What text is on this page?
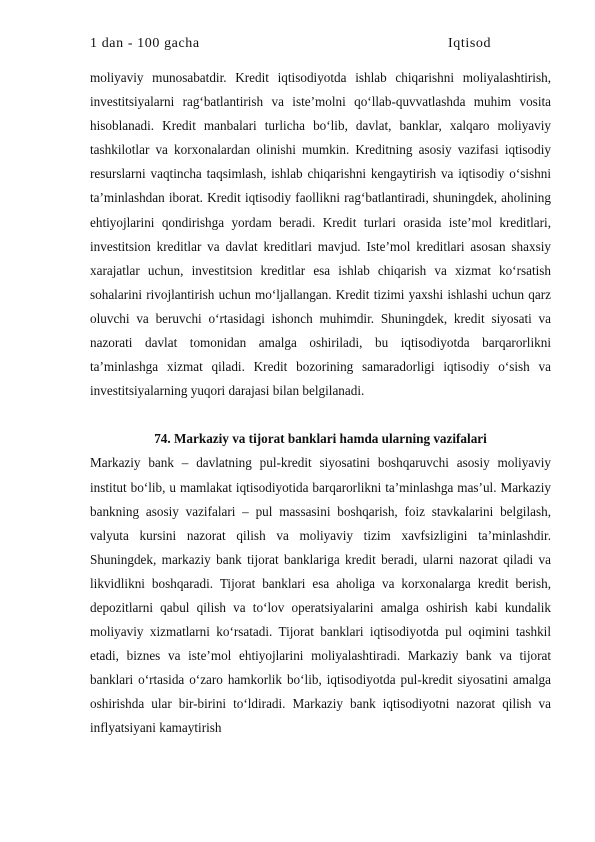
1 dan - 100 gacha	Iqtisod

moliyaviy munosabatdir. Kredit iqtisodiyotda ishlab chiqarishni moliyalashtirish, investitsiyalarni rag‘batlantirish va iste’molni qo‘llab-quvvatlashda muhim vosita hisoblanadi. Kredit manbalari turlicha bo‘lib, davlat, banklar, xalqaro moliyaviy tashkilotlar va korxonalardan olinishi mumkin. Kreditning asosiy vazifasi iqtisodiy resurslarni vaqtincha taqsimlash, ishlab chiqarishni kengaytirish va iqtisodiy o‘sishni ta’minlashdan iborat. Kredit iqtisodiy faollikni rag‘batlantiradi, shuningdek, aholining ehtiyojlarini qondirishga yordam beradi. Kredit turlari orasida iste’mol kreditlari, investitsion kreditlar va davlat kreditlari mavjud. Iste’mol kreditlari asosan shaxsiy xarajatlar uchun, investitsion kreditlar esa ishlab chiqarish va xizmat ko‘rsatish sohalarini rivojlantirish uchun mo‘ljallangan. Kredit tizimi yaxshi ishlashi uchun qarz oluvchi va beruvchi o‘rtasidagi ishonch muhimdir. Shuningdek, kredit siyosati va nazorati davlat tomonidan amalga oshiriladi, bu iqtisodiyotda barqarorlikni ta’minlashga xizmat qiladi. Kredit bozorining samaradorligi iqtisodiy o‘sish va investitsiyalarning yuqori darajasi bilan belgilanadi.

74. Markaziy va tijorat banklari hamda ularning vazifalari

Markaziy bank – davlatning pul-kredit siyosatini boshqaruvchi asosiy moliyaviy institut bo‘lib, u mamlakat iqtisodiyotida barqarorlikni ta’minlashga mas’ul. Markaziy bankning asosiy vazifalari – pul massasini boshqarish, foiz stavkalarini belgilash, valyuta kursini nazorat qilish va moliyaviy tizim xavfsizligini ta’minlashdir. Shuningdek, markaziy bank tijorat banklariga kredit beradi, ularni nazorat qiladi va likvidlikni boshqaradi. Tijorat banklari esa aholiga va korxonalarga kredit berish, depozitlarni qabul qilish va to‘lov operatsiyalarini amalga oshirish kabi kundalik moliyaviy xizmatlarni ko‘rsatadi. Tijorat banklari iqtisodiyotda pul oqimini tashkil etadi, biznes va iste’mol ehtiyojlarini moliyalashtiradi. Markaziy bank va tijorat banklari o‘rtasida o‘zaro hamkorlik bo‘lib, iqtisodiyotda pul-kredit siyosatini amalga oshirishda ular bir-birini to‘ldiradi. Markaziy bank iqtisodiyotni nazorat qilish va inflyatsiyani kamaytirish
